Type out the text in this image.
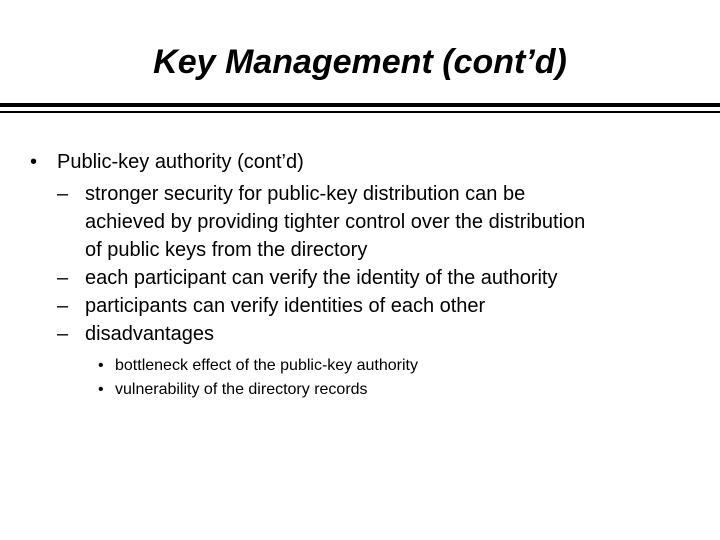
Key Management (cont’d)
• Public-key authority (cont’d)
– stronger security for public-key distribution can be
achieved by providing tighter control over the distribution
of public keys from the directory
– each participant can verify the identity of the authority
– participants can verify identities of each other
– disadvantages
• bottleneck effect of the public-key authority
• vulnerability of the directory records
